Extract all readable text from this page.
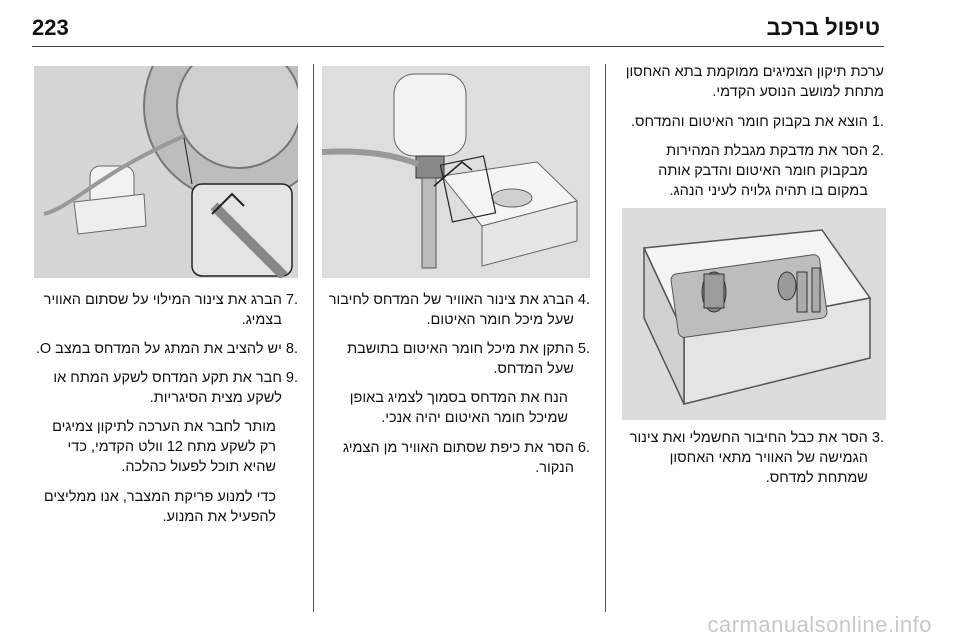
223	טיפול ברכב

ערכת תיקון הצמיגים ממוקמת בתא האחסון מתחת למושב הנוסע הקדמי.

.1
הוצא את בקבוק חומר האיטום והמדחס.
.2
הסר את מדבקת מגבלת המהירות מבקבוק חומר האיטום והדבק אותה במקום בו תהיה גלויה לעיני הנהג.
.3
הסר את כבל החיבור החשמלי ואת צינור הגמישה של האוויר מתאי האחסון שמתחת למדחס.
.4
הברג את צינור האוויר של המדחס לחיבור שעל מיכל חומר האיטום.
.5
התקן את מיכל חומר האיטום בתושבת שעל המדחס.

הנח את המדחס בסמוך לצמיג באופן שמיכל חומר האיטום יהיה אנכי.

.6
הסר את כיפת שסתום האוויר מן הצמיג הנקור.
.7
הברג את צינור המילוי על שסתום האוויר בצמיג.
.8
יש להציב את המתג על המדחס במצב O.
.9
חבר את תקע המדחס לשקע המתח או לשקע מצית הסיגריות.

מותר לחבר את הערכה לתיקון צמיגים רק לשקע מתח 12 וולט הקדמי, כדי שהיא תוכל לפעול כהלכה.

כדי למנוע פריקת המצבר, אנו ממליצים להפעיל את המנוע.

carmanualsonline.info
